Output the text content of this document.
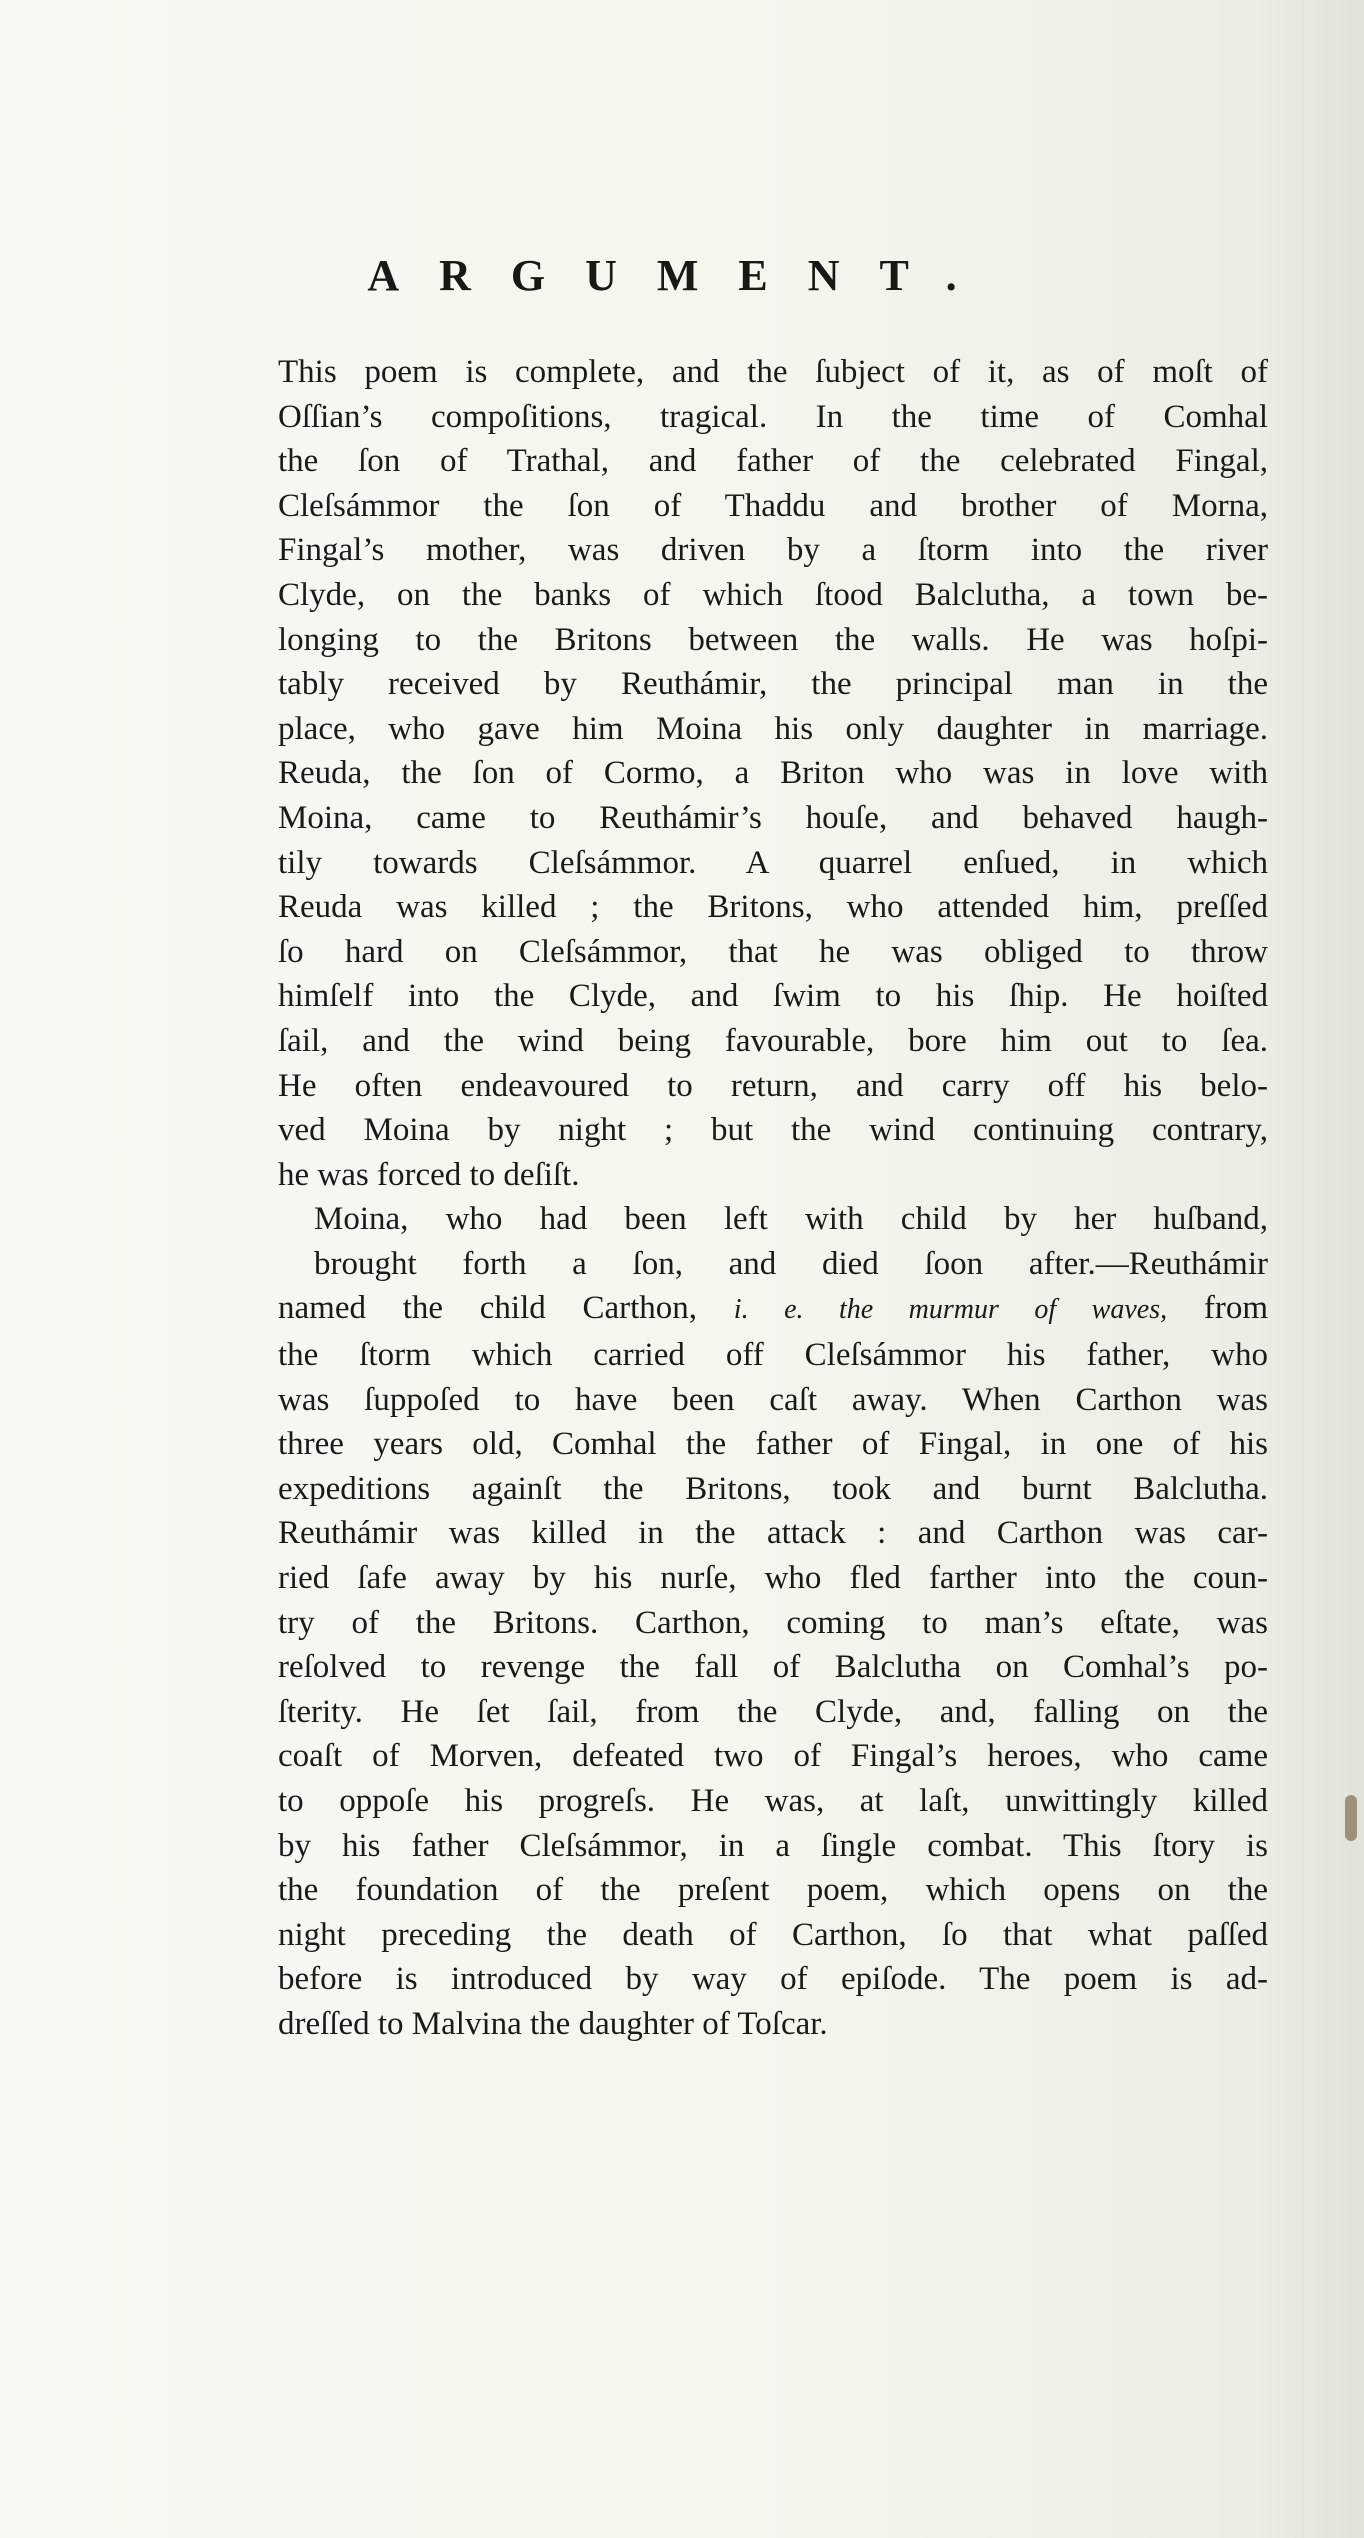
ARGUMENT.

This poem is complete, and the ſubject of it, as of moſt of
Oſſian’s compoſitions, tragical. In the time of Comhal
the ſon of Trathal, and father of the celebrated Fingal,
Cleſsámmor the ſon of Thaddu and brother of Morna,
Fingal’s mother, was driven by a ſtorm into the river
Clyde, on the banks of which ſtood Balclutha, a town be-
longing to the Britons between the walls. He was hoſpi-
tably received by Reuthámir, the principal man in the
place, who gave him Moina his only daughter in marriage.
Reuda, the ſon of Cormo, a Briton who was in love with
Moina, came to Reuthámir’s houſe, and behaved haugh-
tily towards Cleſsámmor. A quarrel enſued, in which
Reuda was killed ; the Britons, who attended him, preſſed
ſo hard on Cleſsámmor, that he was obliged to throw
himſelf into the Clyde, and ſwim to his ſhip. He hoiſted
ſail, and the wind being favourable, bore him out to ſea.
He often endeavoured to return, and carry off his belo-
ved Moina by night ; but the wind continuing contrary,
he was forced to deſiſt.

Moina, who had been left with child by her huſband,
brought forth a ſon, and died ſoon after.—Reuthámir
named the child Carthon, i. e. the murmur of waves, from
the ſtorm which carried off Cleſsámmor his father, who
was ſuppoſed to have been caſt away. When Carthon was
three years old, Comhal the father of Fingal, in one of his
expeditions againſt the Britons, took and burnt Balclutha.
Reuthámir was killed in the attack : and Carthon was car-
ried ſafe away by his nurſe, who fled farther into the coun-
try of the Britons. Carthon, coming to man’s eſtate, was
reſolved to revenge the fall of Balclutha on Comhal’s po-
ſterity. He ſet ſail, from the Clyde, and, falling on the
coaſt of Morven, defeated two of Fingal’s heroes, who came
to oppoſe his progreſs. He was, at laſt, unwittingly killed
by his father Cleſsámmor, in a ſingle combat. This ſtory is
the foundation of the preſent poem, which opens on the
night preceding the death of Carthon, ſo that what paſſed
before is introduced by way of epiſode. The poem is ad-
dreſſed to Malvina the daughter of Toſcar.
